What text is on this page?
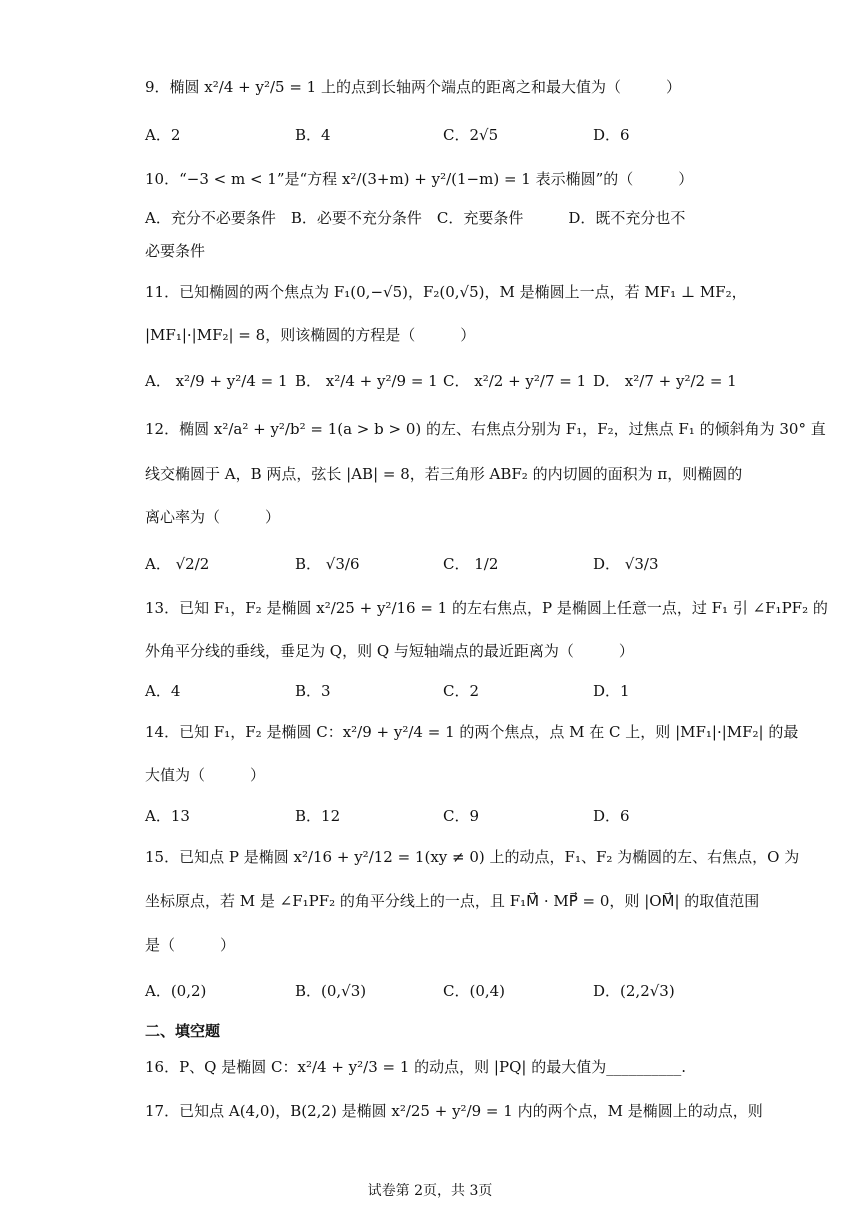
9．椭圆 x²/4 + y²/5 = 1 上的点到长轴两个端点的距离之和最大值为（　　　）
A．2	B．4	C．2√5	D．6
10．“−3 < m < 1”是“方程 x²/(3+m) + y²/(1−m) = 1 表示椭圆”的（　　　）
A．充分不必要条件　B．必要不充分条件　C．充要条件　　　D．既不充分也不
必要条件
11．已知椭圆的两个焦点为 F₁(0,−√5)，F₂(0,√5)，M 是椭圆上一点，若 MF₁ ⊥ MF₂，
|MF₁|·|MF₂| = 8，则该椭圆的方程是（　　　）
A． x²/9 + y²/4 = 1 B． x²/4 + y²/9 = 1 C． x²/2 + y²/7 = 1 D． x²/7 + y²/2 = 1
12．椭圆 x²/a² + y²/b² = 1(a > b > 0) 的左、右焦点分别为 F₁，F₂，过焦点 F₁ 的倾斜角为 30° 直
线交椭圆于 A，B 两点，弦长 |AB| = 8，若三角形 ABF₂ 的内切圆的面积为 π，则椭圆的
离心率为（　　　）
A． √2/2	B． √3/6	C． 1/2	D． √3/3
13．已知 F₁，F₂ 是椭圆 x²/25 + y²/16 = 1 的左右焦点，P 是椭圆上任意一点，过 F₁ 引 ∠F₁PF₂ 的
外角平分线的垂线，垂足为 Q，则 Q 与短轴端点的最近距离为（　　　）
A．4	B．3	C．2	D．1
14．已知 F₁，F₂ 是椭圆 C：x²/9 + y²/4 = 1 的两个焦点，点 M 在 C 上，则 |MF₁|·|MF₂| 的最
大值为（　　　）
A．13	B．12	C．9	D．6
15．已知点 P 是椭圆 x²/16 + y²/12 = 1(xy ≠ 0) 上的动点，F₁、F₂ 为椭圆的左、右焦点，O 为
坐标原点，若 M 是 ∠F₁PF₂ 的角平分线上的一点，且 F₁M⃗ · MP⃗ = 0，则 |OM⃗| 的取值范围
是（　　　）
A．(0,2)	B．(0,√3)	C．(0,4)	D．(2,2√3)
二、填空题
16．P、Q 是椭圆 C：x²/4 + y²/3 = 1 的动点，则 |PQ| 的最大值为__________.
17．已知点 A(4,0)，B(2,2) 是椭圆 x²/25 + y²/9 = 1 内的两个点，M 是椭圆上的动点，则
试卷第 2页，共 3页
